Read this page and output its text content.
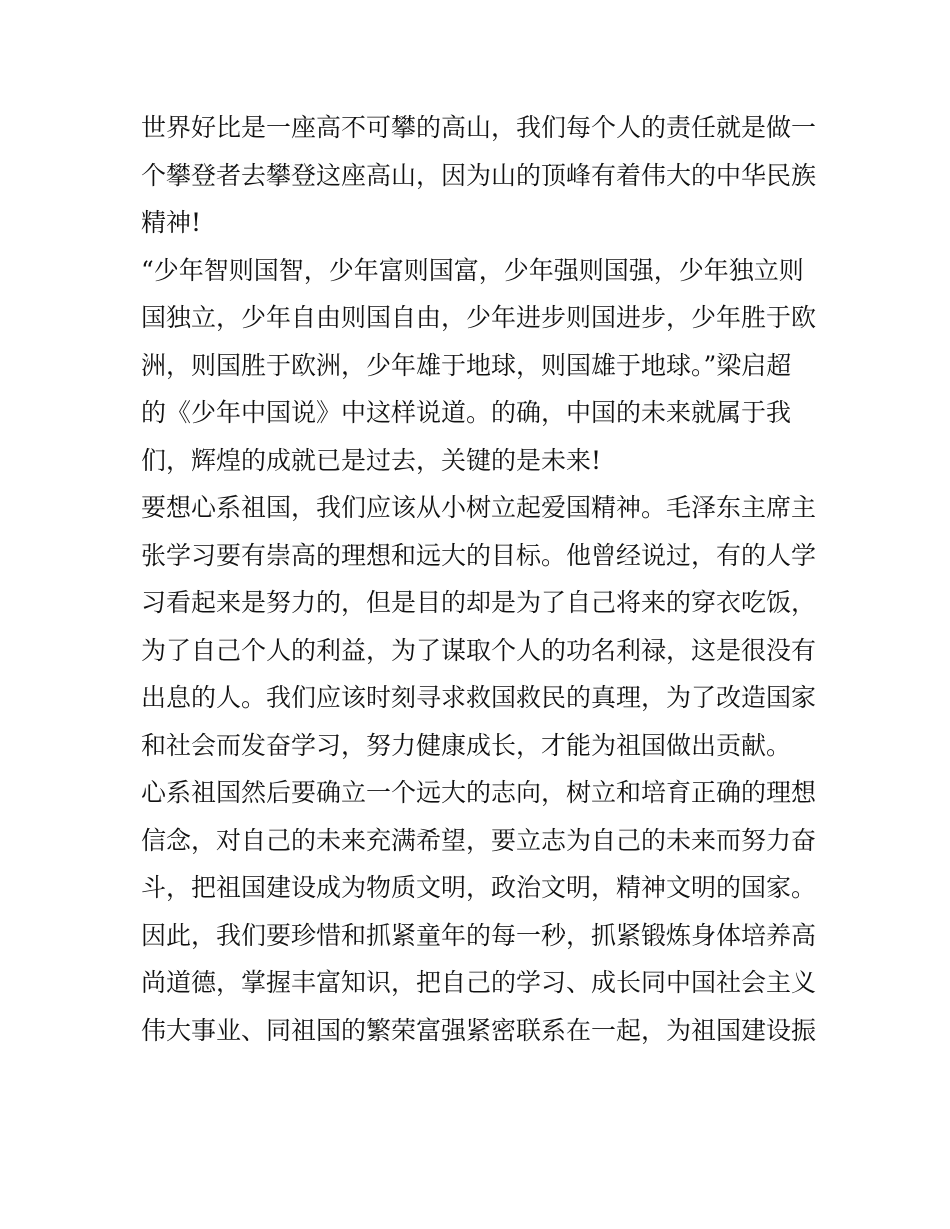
世界好比是一座高不可攀的高山，我们每个人的责任就是做一
个攀登者去攀登这座高山，因为山的顶峰有着伟大的中华民族
精神!
“少年智则国智，少年富则国富，少年强则国强，少年独立则
国独立，少年自由则国自由，少年进步则国进步，少年胜于欧
洲，则国胜于欧洲，少年雄于地球，则国雄于地球。”梁启超
的《少年中国说》中这样说道。的确，中国的未来就属于我
们，辉煌的成就已是过去，关键的是未来!
要想心系祖国，我们应该从小树立起爱国精神。毛泽东主席主
张学习要有崇高的理想和远大的目标。他曾经说过，有的人学
习看起来是努力的，但是目的却是为了自己将来的穿衣吃饭，
为了自己个人的利益，为了谋取个人的功名利禄，这是很没有
出息的人。我们应该时刻寻求救国救民的真理，为了改造国家
和社会而发奋学习，努力健康成长，才能为祖国做出贡献。
心系祖国然后要确立一个远大的志向，树立和培育正确的理想
信念，对自己的未来充满希望，要立志为自己的未来而努力奋
斗，把祖国建设成为物质文明，政治文明，精神文明的国家。
因此，我们要珍惜和抓紧童年的每一秒，抓紧锻炼身体培养高
尚道德，掌握丰富知识，把自己的学习、成长同中国社会主义
伟大事业、同祖国的繁荣富强紧密联系在一起，为祖国建设振
